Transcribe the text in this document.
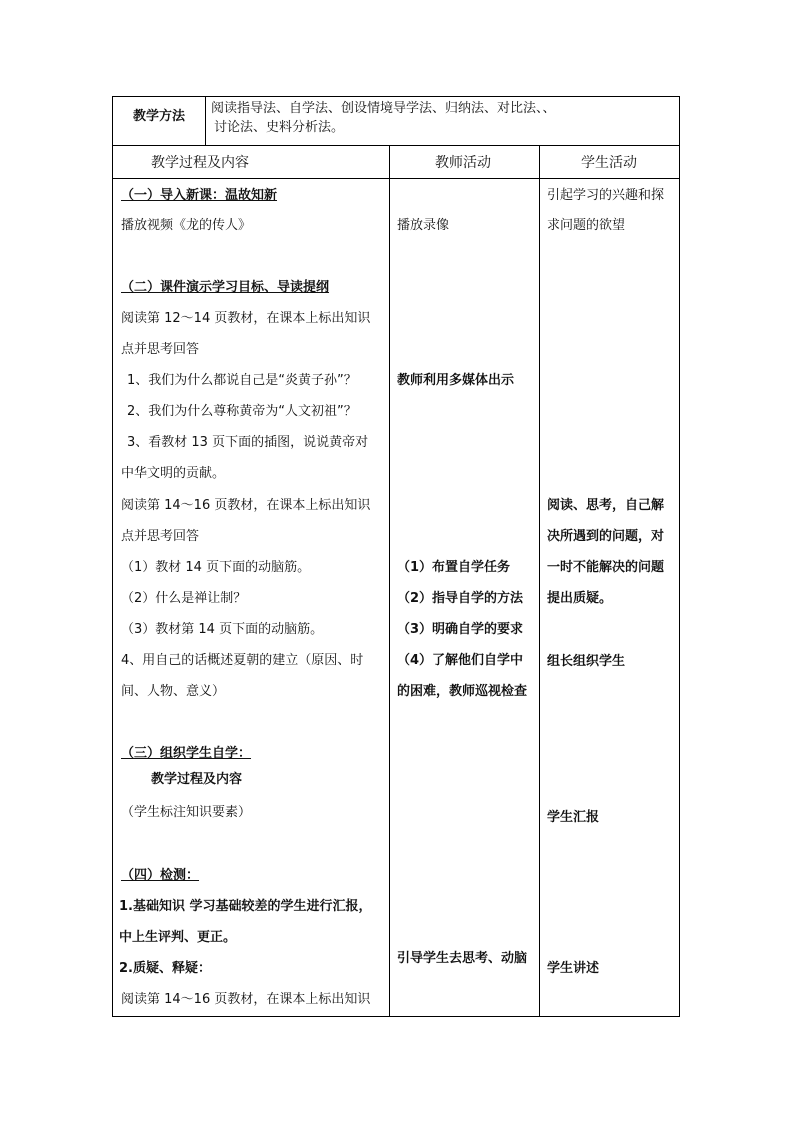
教学方法
阅读指导法、自学法、创设情境导学法、归纳法、对比法、、
讨论法、史料分析法。
教学过程及内容	教师活动	学生活动
（一）导入新课：温故知新
播放视频《龙的传人》
（二）课件演示学习目标、导读提纲
阅读第 12～14 页教材，在课本上标出知识
点并思考回答
1、我们为什么都说自己是“炎黄子孙”？
2、我们为什么尊称黄帝为“人文初祖”？
3、看教材 13 页下面的插图，说说黄帝对
中华文明的贡献。
阅读第 14～16 页教材，在课本上标出知识
点并思考回答
（1）教材 14 页下面的动脑筋。
（2）什么是禅让制？
（3）教材第 14 页下面的动脑筋。
4、用自己的话概述夏朝的建立（原因、时
间、人物、意义）
（三）组织学生自学：
教学过程及内容
（学生标注知识要素）
（四）检测：
1.基础知识 学习基础较差的学生进行汇报，
中上生评判、更正。
2.质疑、释疑：
阅读第 14～16 页教材，在课本上标出知识
播放录像
教师利用多媒体出示
（1）布置自学任务
（2）指导自学的方法
（3）明确自学的要求
（4）了解他们自学中
的困难，教师巡视检查
引导学生去思考、动脑
引起学习的兴趣和探
求问题的欲望
阅读、思考，自己解
决所遇到的问题，对
一时不能解决的问题
提出质疑。
组长组织学生
学生汇报
学生讲述
